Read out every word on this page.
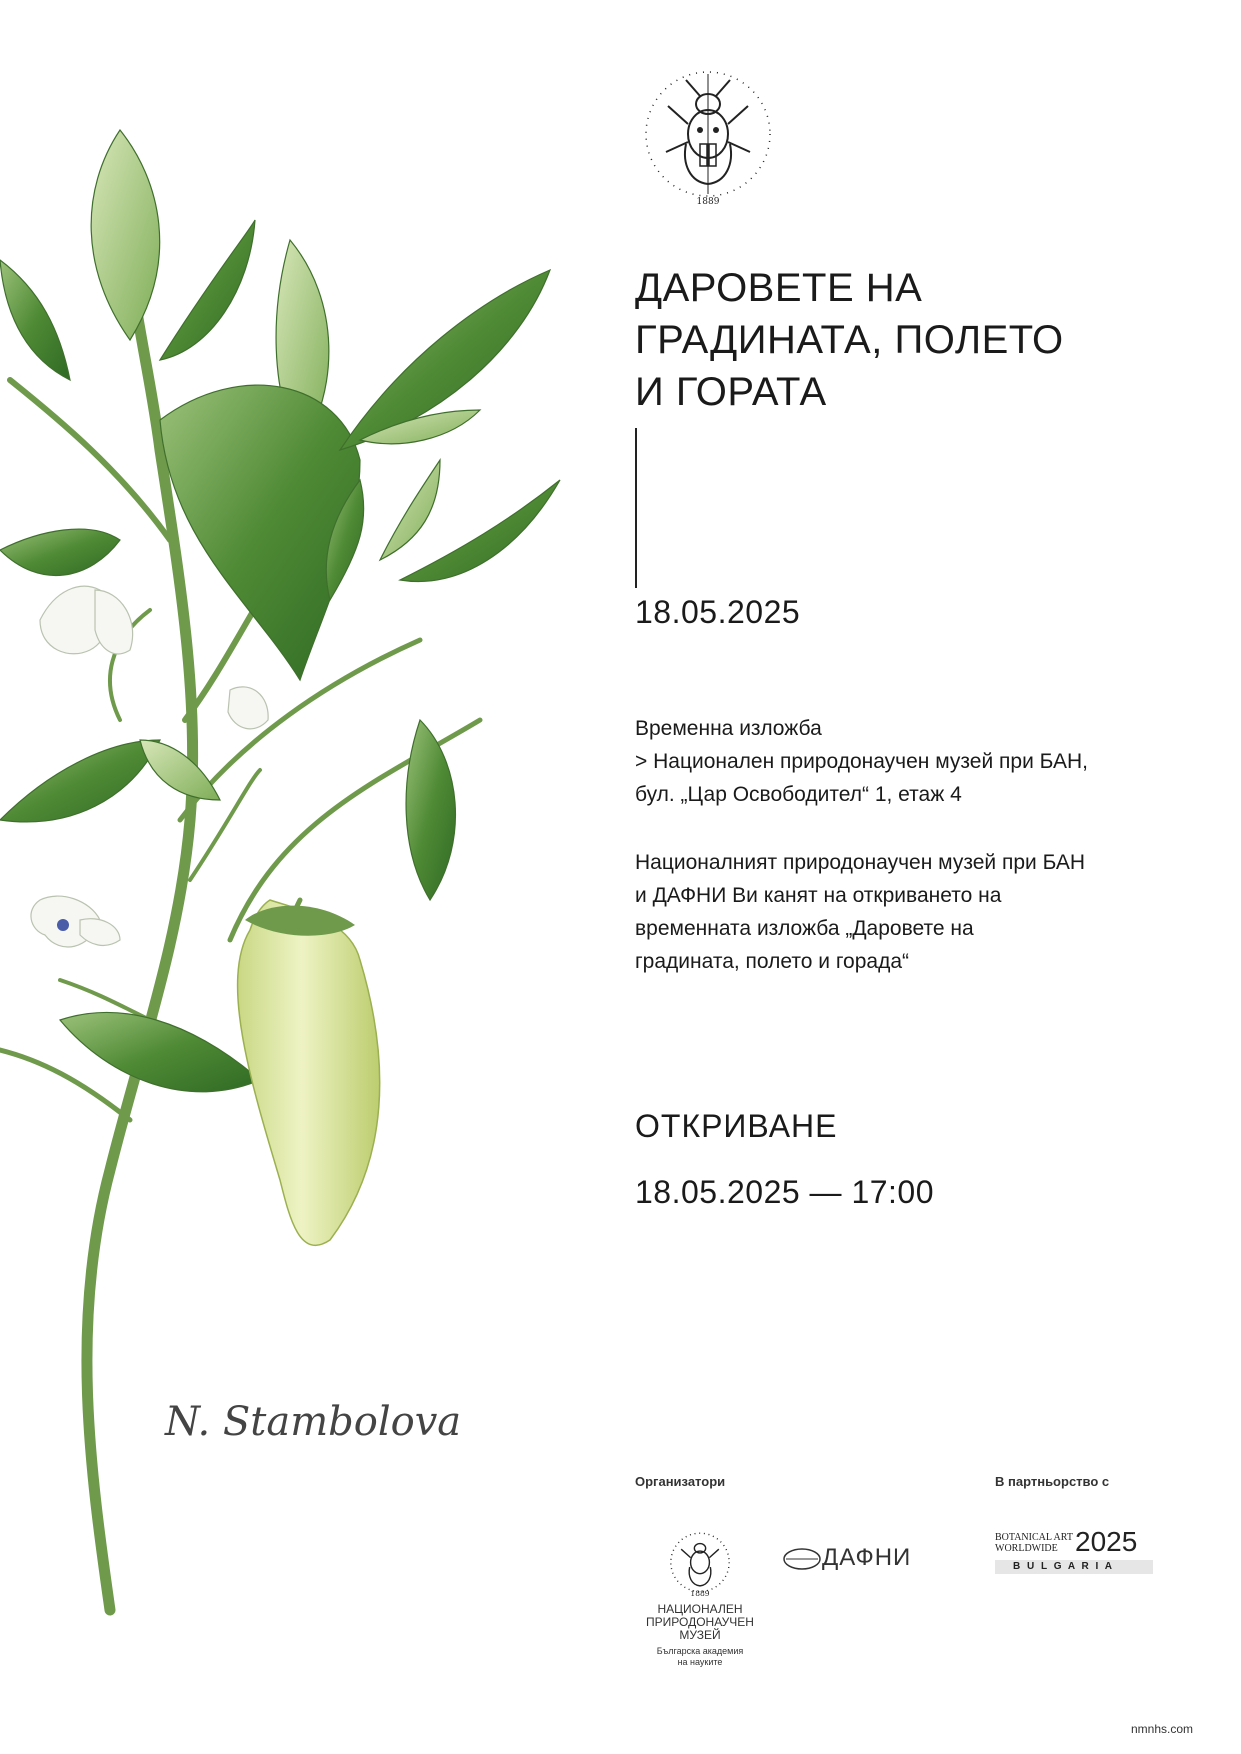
N. Stambolova
1889
ДАРОВЕТЕ НА
ГРАДИНАТА, ПОЛЕТО
И ГОРАТА
18.05.2025
Временна изложба
> Национален природонаучен музей при БАН,
бул. „Цар Освободител“ 1, етаж 4
Националният природонаучен музей при БАН
и ДАФНИ Ви канят на откриването на
временната изложба „Даровете на
градината, полето и горада“
ОТКРИВАНЕ
18.05.2025 — 17:00
Организатори
1889
НАЦИОНАЛЕН
ПРИРОДОНАУЧЕН
МУЗЕЙ
Българска академия
на науките
ДАФНИ
В партньорство с
BOTANICAL ART
WORLDWIDE 2025
B U L G A R I A
nmnhs.com
